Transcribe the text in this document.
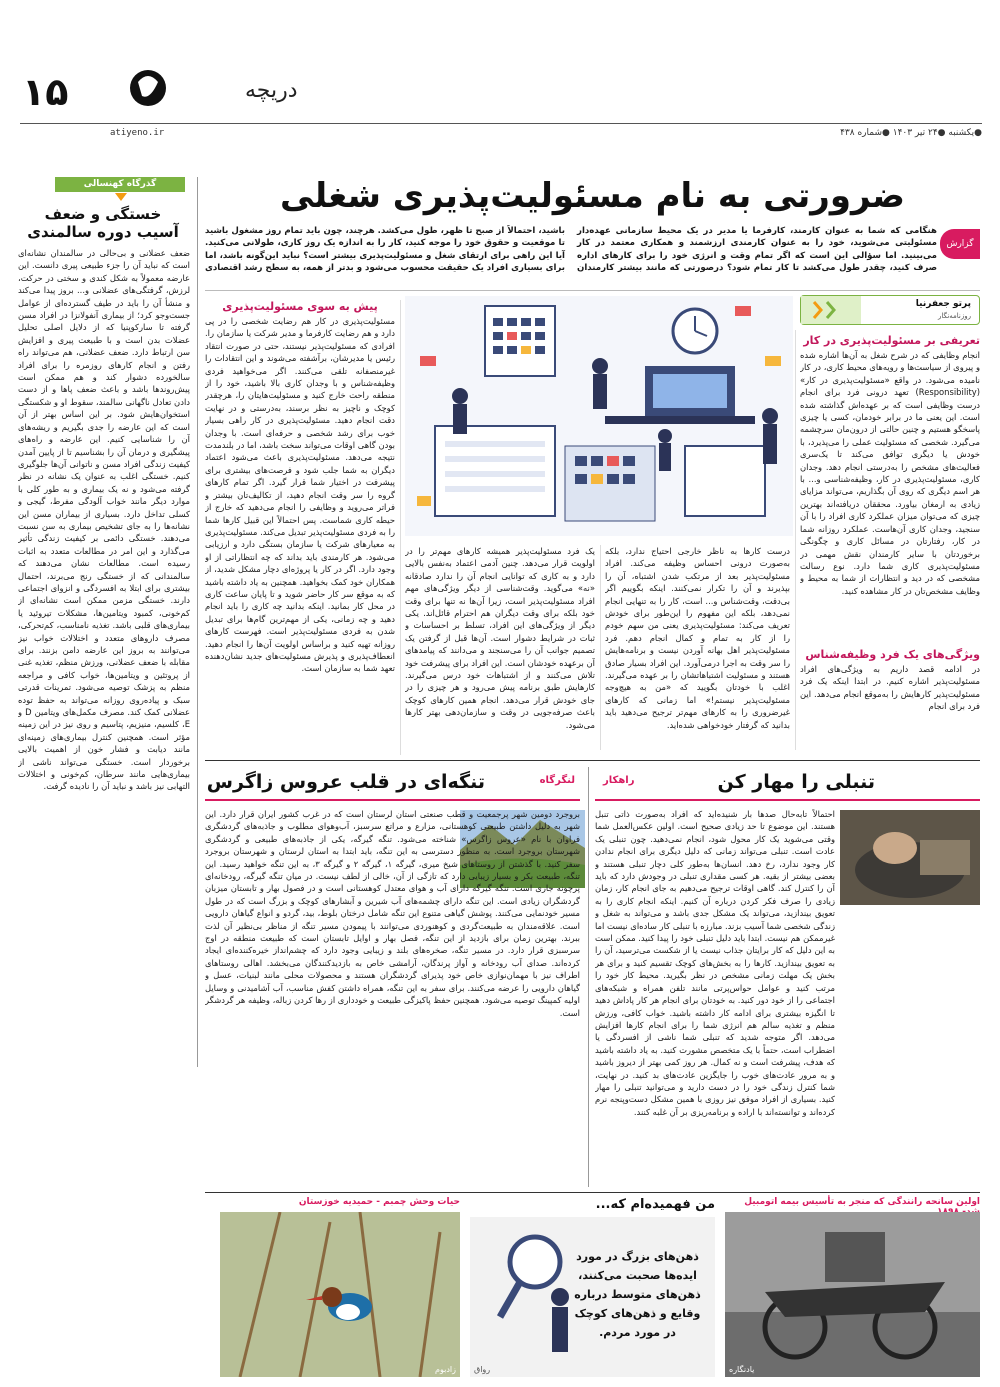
۱۵	دریچه
atiyeno.ir	●یکشنبه ●۲۴ تیر ۱۴۰۳ ●شماره ۴۳۸
گذرگاه کهنسالی
خستگی و ضعف
آسیب دوره سالمندی
ضعف عضلانی و بی‌حالی در سالمندان نشانه‌ای است که نباید آن را جزء طبیعی پیری دانست. این عارضه معمولاً به شکل کندی و سختی در حرکت، لرزش، گرفتگی‌های عضلانی و... بروز پیدا می‌کند و منشأ آن را باید در طیف گسترده‌ای از عوامل جست‌وجو کرد؛ از بیماری آنفولانزا در افراد مسن گرفته تا سارکوپنیا که از دلایل اصلی تحلیل عضلات بدن است و با طبیعت پیری و افزایش سن ارتباط دارد. ضعف عضلانی، هم می‌تواند راه رفتن و انجام کارهای روزمره را برای افراد سالخورده دشوار کند و هم ممکن است پیش‌روندها باشد و باعث ضعف پاها و از دست دادن تعادل ناگهانی سالمند، سقوط او و شکستگی استخوان‌هایش شود. بر این اساس بهتر از آن است که این عارضه را جدی بگیریم و ریشه‌های آن را شناسایی کنیم. این عارضه و راه‌های پیشگیری و درمان آن را بشناسیم تا از پایین آمدن کیفیت زندگی افراد مسن و ناتوانی آن‌ها جلوگیری کنیم. خستگی اغلب به عنوان یک نشانه در نظر گرفته می‌شود و نه یک بیماری و به طور کلی با موارد دیگر مانند خواب آلودگی مفرط، گیجی و کسلی تداخل دارد. بسیاری از بیماران مسن این نشانه‌ها را به جای تشخیص بیماری به سن نسبت می‌دهند. خستگی دائمی بر کیفیت زندگی تأثیر می‌گذارد و این امر در مطالعات متعدد به اثبات رسیده است. مطالعات نشان می‌دهند که سالمندانی که از خستگی رنج می‌برند، احتمال بیشتری برای ابتلا به افسردگی و انزوای اجتماعی دارند. خستگی مزمن ممکن است نشانه‌ای از کم‌خونی، کمبود ویتامین‌ها، مشکلات تیروئید یا بیماری‌های قلبی باشد. تغذیه نامناسب، کم‌تحرکی، مصرف داروهای متعدد و اختلالات خواب نیز می‌توانند به بروز این عارضه دامن بزنند. برای مقابله با ضعف عضلانی، ورزش منظم، تغذیه غنی از پروتئین و ویتامین‌ها، خواب کافی و مراجعه منظم به پزشک توصیه می‌شود. تمرینات قدرتی سبک و پیاده‌روی روزانه می‌تواند به حفظ توده عضلانی کمک کند. مصرف مکمل‌های ویتامین D و E، کلسیم، منیزیم، پتاسیم و روی نیز در این زمینه مؤثر است. همچنین کنترل بیماری‌های زمینه‌ای مانند دیابت و فشار خون از اهمیت بالایی برخوردار است. خستگی می‌تواند ناشی از بیماری‌هایی مانند سرطان، کم‌خونی و اختلالات التهابی نیز باشد و نباید آن را نادیده گرفت.
ضرورتی به نام مسئولیت‌پذیری شغلی
گزارش
هنگامی که شما به عنوان کارمند، کارفرما یا مدیر در یک محیط سازمانی عهده‌دار مسئولیتی می‌شوید، خود را به عنوان کارمندی ارزشمند و همکاری معتمد در کار می‌بینید. اما سؤالی این است که اگر تمام وقت و انرژی خود را برای کارهای اداره صرف کنید، چقدر طول می‌کشد تا کار تمام شود؟ درصورتی که مانند بیشتر کارمندان باشید، احتمالاً از صبح تا ظهر، طول می‌کشد. هرچند، چون باید تمام روز مشغول باشید تا موقعیت و حقوق خود را موجه کنید، کار را به اندازه یک روز کاری، طولانی می‌کنید. آیا این راهی برای ارتقای شغل و مسئولیت‌پذیری بیشتر است؟ نباید این‌گونه باشد، اما برای بسیاری افراد یک حقیقت محسوب می‌شود و بدتر از همه، به سطح رشد اقتصادی
پرتو جعفرنیا
روزنامه‌نگار
تعریفی بر مسئولیت‌پذیری در کار
انجام وظایفی که در شرح شغل به آن‌ها اشاره شده و پیروی از سیاست‌ها و رویه‌های محیط کاری، در کار نامیده می‌شود. در واقع «مسئولیت‌پذیری در کار» (Responsibility) تعهد درونی فرد برای انجام درست وظایفی است که بر عهده‌اش گذاشته شده است. این یعنی ما در برابر خودمان، کسی یا چیزی پاسخگو هستیم و چنین حالتی از درون‌مان سرچشمه می‌گیرد. شخصی که مسئولیت عملی را می‌پذیرد، با خودش یا دیگری توافق می‌کند تا یک‌سری فعالیت‌های مشخص را به‌درستی انجام دهد. وجدان کاری، مسئولیت‌پذیری در کار، وظیفه‌شناسی و... با هر اسم دیگری که روی آن بگذاریم، می‌تواند مزایای زیادی به ارمغان بیاورد. محققان دریافته‌اند بهترین چیزی که می‌توان میزان عملکرد کاری افراد را با آن سنجید، وجدان کاری آن‌هاست. عملکرد روزانه شما در کار، رفتارتان در مسائل کاری و چگونگی برخوردتان با سایر کارمندان نقش مهمی در مسئولیت‌پذیری کاری شما دارد. نوع رسالت مشخصی که در دید و انتظارات از شما به محیط و وظایف مشخص‌تان در کار مشاهده کنید.
ویژگی‌های یک فرد وظیفه‌شناس
در ادامه قصد داریم به ویژگی‌های افراد مسئولیت‌پذیر اشاره کنیم. در ابتدا اینکه یک فرد مسئولیت‌پذیر کارهایش را به‌موقع انجام می‌دهد. این فرد برای انجام
درست کارها به ناظر خارجی احتیاج ندارد، بلکه به‌صورت درونی احساس وظیفه می‌کند. افراد مسئولیت‌پذیر بعد از مرتکب شدن اشتباه، آن را بپذیرند و آن را تکرار نمی‌کنند. اینکه بگوییم اگر بی‌دقت، وقت‌شناس و... است، کار را به تنهایی انجام نمی‌دهد، بلکه این مفهوم را این‌طور برای خودش تعریف می‌کند: مسئولیت‌پذیری یعنی من سهم خودم را از کار به تمام و کمال انجام دهم. فرد مسئولیت‌پذیر اهل بهانه آوردن نیست و برنامه‌هایش را سر وقت به اجرا درمی‌آورد. این افراد بسیار صادق هستند و مسئولیت اشتباهاتشان را بر عهده می‌گیرند. اغلب با خودتان بگویید که «من به هیچ‌وجه مسئولیت‌پذیر نیستم!» اما زمانی که کارهای غیرضروری را به کارهای مهم‌تر ترجیح می‌دهید باید بدانید که گرفتار خودخواهی شده‌اید.
یک فرد مسئولیت‌پذیر همیشه کارهای مهم‌تر را در اولویت قرار می‌دهد. چنین آدمی اعتماد به‌نفس بالایی دارد و به کاری که توانایی انجام آن را ندارد صادقانه «نه» می‌گوید. وقت‌شناسی از دیگر ویژگی‌های مهم افراد مسئولیت‌پذیر است، زیرا آن‌ها نه تنها برای وقت خود بلکه برای وقت دیگران هم احترام قائل‌اند. یکی دیگر از ویژگی‌های این افراد، تسلط بر احساسات و ثبات در شرایط دشوار است. آن‌ها قبل از گرفتن یک تصمیم جوانب آن را می‌سنجند و می‌دانند که پیامدهای آن برعهده خودشان است. این افراد برای پیشرفت خود تلاش می‌کنند و از اشتباهات خود درس می‌گیرند. کارهایش طبق برنامه پیش می‌رود و هر چیزی را در جای خودش قرار می‌دهد. انجام همین کارهای کوچک باعث صرفه‌جویی در وقت و سازمان‌دهی بهتر کارها می‌شود.
پیش به سوی مسئولیت‌پذیری
مسئولیت‌پذیری در کار هم رضایت شخصی را در پی دارد و هم رضایت کارفرما و مدیر شرکت یا سازمان را. افرادی که مسئولیت‌پذیر نیستند، حتی در صورت انتقاد رئیس یا مدیرشان، برآشفته می‌شوند و این انتقادات را غیرمنصفانه تلقی می‌کنند. اگر می‌خواهید فردی وظیفه‌شناس و با وجدان کاری بالا باشید، خود را از منطقه راحت خارج کنید و مسئولیت‌هایتان را، هرچقدر کوچک و ناچیز به نظر برسند، به‌درستی و در نهایت دقت انجام دهید. مسئولیت‌پذیری در کار راهی بسیار خوب برای رشد شخصی و حرفه‌ای است. با وجدان بودن گاهی اوقات می‌تواند سخت باشد، اما در بلندمدت نتیجه می‌دهد. مسئولیت‌پذیری باعث می‌شود اعتماد دیگران به شما جلب شود و فرصت‌های بیشتری برای پیشرفت در اختیار شما قرار گیرد. اگر تمام کارهای گروه را سر وقت انجام دهید، از تکالیف‌تان بیشتر و فراتر می‌روید و وظایفی را انجام می‌دهید که خارج از حیطه کاری شماست. پس احتمالاً این قبیل کارها شما را به فردی مسئولیت‌پذیر تبدیل می‌کند. مسئولیت‌پذیری به معیارهای شرکت یا سازمان بستگی دارد و ارزیابی می‌شود. هر کارمندی باید بداند که چه انتظاراتی از او وجود دارد. اگر در کار یا پروژه‌ای دچار مشکل شدید، از همکاران خود کمک بخواهید. همچنین به یاد داشته باشید که به موقع سر کار حاضر شوید و تا پایان ساعت کاری در محل کار بمانید. اینکه بدانید چه کاری را باید انجام دهید و چه زمانی، یکی از مهم‌ترین گام‌ها برای تبدیل شدن به فردی مسئولیت‌پذیر است. فهرست کارهای روزانه تهیه کنید و براساس اولویت آن‌ها را انجام دهید. انعطاف‌پذیری و پذیرش مسئولیت‌های جدید نشان‌دهنده تعهد شما به سازمان است.
تنبلی را مهار کن
راهکار
احتمالاً تابه‌حال صدها بار شنیده‌اید که افراد به‌صورت ذاتی تنبل هستند. این موضوع تا حد زیادی صحیح است. اولین عکس‌العمل شما وقتی می‌شوید یک کار محول شود، انجام نمی‌دهید. چون تنبلی یک عادت است. تنبلی می‌تواند زمانی که دلیل دیگری برای انجام ندادن کار وجود ندارد، رخ دهد. انسان‌ها به‌طور کلی دچار تنبلی هستند و بعضی بیشتر از بقیه. هر کسی مقداری تنبلی در وجودش دارد که باید آن را کنترل کند. گاهی اوقات ترجیح می‌دهیم به جای انجام کار، زمان زیادی را صرف فکر کردن درباره آن کنیم. اینکه انجام کاری را به تعویق بیندازید، می‌تواند یک مشکل جدی باشد و می‌تواند به شغل و زندگی شخصی شما آسیب بزند. مبارزه با تنبلی کار ساده‌ای نیست اما غیرممکن هم نیست. ابتدا باید دلیل تنبلی خود را پیدا کنید. ممکن است به این دلیل که کار برایتان جذاب نیست یا از شکست می‌ترسید، آن را به تعویق بیندازید. کارها را به بخش‌های کوچک تقسیم کنید و برای هر بخش یک مهلت زمانی مشخص در نظر بگیرید. محیط کار خود را مرتب کنید و عوامل حواس‌پرتی مانند تلفن همراه و شبکه‌های اجتماعی را از خود دور کنید. به خودتان برای انجام هر کار پاداش دهید تا انگیزه بیشتری برای ادامه کار داشته باشید. خواب کافی، ورزش منظم و تغذیه سالم هم انرژی شما را برای انجام کارها افزایش می‌دهد. اگر متوجه شدید که تنبلی شما ناشی از افسردگی یا اضطراب است، حتماً با یک متخصص مشورت کنید. به یاد داشته باشید که هدف، پیشرفت است و نه کمال. هر روز کمی بهتر از دیروز باشید و به مرور عادت‌های خوب را جایگزین عادت‌های بد کنید. در نهایت، شما کنترل زندگی خود را در دست دارید و می‌توانید تنبلی را مهار کنید. بسیاری از افراد موفق نیز روزی با همین مشکل دست‌وپنجه نرم کرده‌اند و توانسته‌اند با اراده و برنامه‌ریزی بر آن غلبه کنند.
تنگه‌ای در قلب عروس زاگرس	لنگرگاه
بروجرد دومین شهر پرجمعیت و قطب صنعتی استان لرستان است که در غرب کشور ایران قرار دارد. این شهر به دلیل داشتن طبیعتی کوهستانی، مزارع و مراتع سرسبز، آب‌وهوای مطلوب و جاذبه‌های گردشگری فراوان با نام «عروس زاگرس» شناخته می‌شود. تنگه گیرگه، یکی از جاذبه‌های طبیعی و گردشگری شهرستان بروجرد است. به منظور دسترسی به این تنگه، باید ابتدا به استان لرستان و شهرستان بروجرد سفر کنید. با گذشتن از روستاهای شیخ میری، گیرگه ۱، گیرگه ۲ و گیرگه ۳، به این تنگه خواهید رسید. این تنگه، طبیعت بکر و بسیار زیبایی دارد که تازگی از آن، خالی از لطف نیست. در میان تنگه گیرگه، رودخانه‌ای پرچونه جاری است. تنگه گیرگه دارای آب و هوای معتدل کوهستانی است و در فصول بهار و تابستان میزبان گردشگران زیادی است. این تنگه دارای چشمه‌های آب شیرین و آبشارهای کوچک و بزرگ است که در طول مسیر خودنمایی می‌کنند. پوشش گیاهی متنوع این تنگه شامل درختان بلوط، بید، گردو و انواع گیاهان دارویی است. علاقه‌مندان به طبیعت‌گردی و کوهنوردی می‌توانند با پیمودن مسیر تنگه از مناظر بی‌نظیر آن لذت ببرند. بهترین زمان برای بازدید از این تنگه، فصل بهار و اوایل تابستان است که طبیعت منطقه در اوج سرسبزی قرار دارد. در مسیر تنگه، صخره‌های بلند و زیبایی وجود دارد که چشم‌انداز خیره‌کننده‌ای ایجاد کرده‌اند. صدای آب رودخانه و آواز پرندگان، آرامشی خاص به بازدیدکنندگان می‌بخشد. اهالی روستاهای اطراف نیز با مهمان‌نوازی خاص خود پذیرای گردشگران هستند و محصولات محلی مانند لبنیات، عسل و گیاهان دارویی را عرضه می‌کنند. برای سفر به این تنگه، همراه داشتن کفش مناسب، آب آشامیدنی و وسایل اولیه کمپینگ توصیه می‌شود. همچنین حفظ پاکیزگی طبیعت و خودداری از رها کردن زباله، وظیفه هر گردشگر است.
اولین سانحه رانندگی که منجر به تأسیس بیمه اتومبیل
یادنگاره
من فهمیده‌ام که...
ذهن‌های بزرگ در مورد ایده‌ها صحبت می‌کنند، ذهن‌های متوسط درباره وقایع و ذهن‌های کوچک در مورد مردم.
رواق
حیات وحش چمبم - حمیدیه خوزستان
زادبوم
